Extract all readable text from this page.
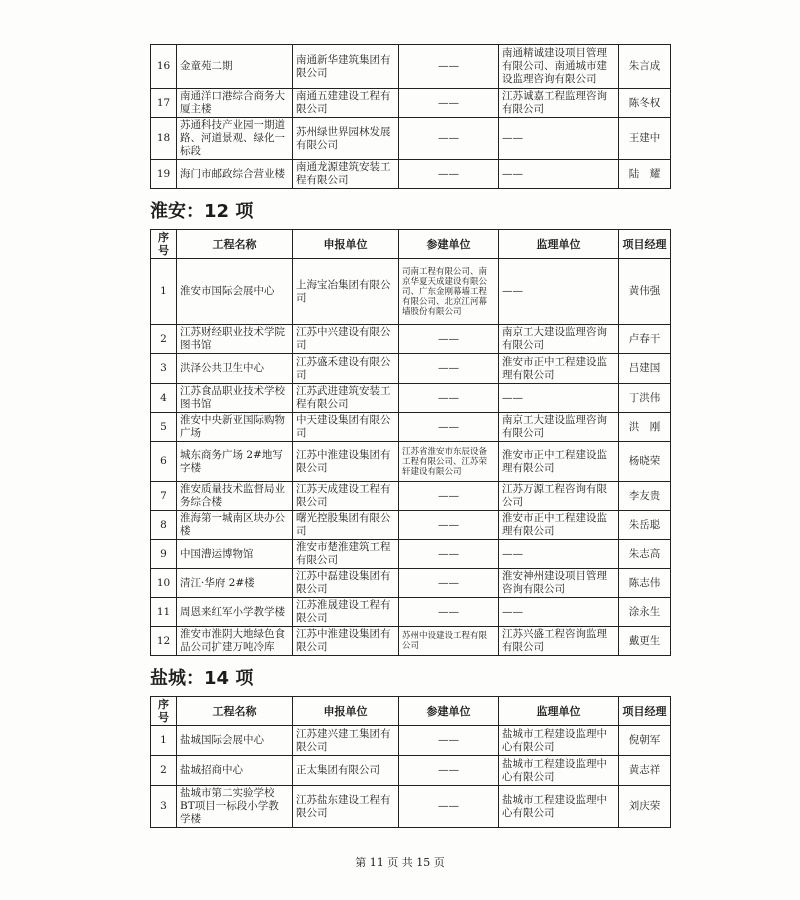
16	金童苑二期	南通新华建筑集团有限公司	——	南通精诚建设项目管理有限公司、南通城市建设监理咨询有限公司	朱言成
17	南通洋口港综合商务大厦主楼	南通五建建设工程有限公司	——	江苏诚嘉工程监理咨询有限公司	陈冬权
18	苏通科技产业园一期道路、河道景观、绿化一标段	苏州绿世界园林发展有限公司	——	——	王建中
19	海门市邮政综合营业楼	南通龙源建筑安装工程有限公司	——	——	陆　耀
淮安：12 项
序号	工程名称	申报单位	参建单位	监理单位	项目经理
1	淮安市国际会展中心	上海宝冶集团有限公司	司南工程有限公司、南京华夏天成建设有限公司、广东金刚幕墙工程有限公司、北京江河幕墙股份有限公司	——	黄伟强
2	江苏财经职业技术学院图书馆	江苏中兴建设有限公司	——	南京工大建设监理咨询有限公司	卢春干
3	洪泽公共卫生中心	江苏盛禾建设有限公司	——	淮安市正中工程建设监理有限公司	吕建国
4	江苏食品职业技术学校图书馆	江苏武进建筑安装工程有限公司	——	——	丁洪伟
5	淮安中央新亚国际购物广场	中天建设集团有限公司	——	南京工大建设监理咨询有限公司	洪　刚
6	城东商务广场 2#地写字楼	江苏中淮建设集团有限公司	江苏省淮安市东辰设备工程有限公司、江苏荣轩建设有限公司	淮安市正中工程建设监理有限公司	杨晓荣
7	淮安质量技术监督局业务综合楼	江苏天成建设工程有限公司	——	江苏万源工程咨询有限公司	李友贵
8	淮海第一城南区块办公楼	曙光控股集团有限公司	——	淮安市正中工程建设监理有限公司	朱岳聪
9	中国漕运博物馆	淮安市楚淮建筑工程有限公司	——	——	朱志高
10	清江·华府 2#楼	江苏中磊建设集团有限公司	——	淮安神州建设项目管理咨询有限公司	陈志伟
11	周恩来红军小学教学楼	江苏淮晟建设工程有限公司	——	——	涂永生
12	淮安市淮阴大地绿色食品公司扩建万吨冷库	江苏中淮建设集团有限公司	苏州中设建设工程有限公司	江苏兴盛工程咨询监理有限公司	戴更生
盐城：14 项
序号	工程名称	申报单位	参建单位	监理单位	项目经理
1	盐城国际会展中心	江苏建兴建工集团有限公司	——	盐城市工程建设监理中心有限公司	倪朝军
2	盐城招商中心	正太集团有限公司	——	盐城市工程建设监理中心有限公司	黄志祥
3	盐城市第二实验学校BT项目一标段小学教学楼	江苏盐东建设工程有限公司	——	盐城市工程建设监理中心有限公司	刘庆荣
第 11 页 共 15 页
